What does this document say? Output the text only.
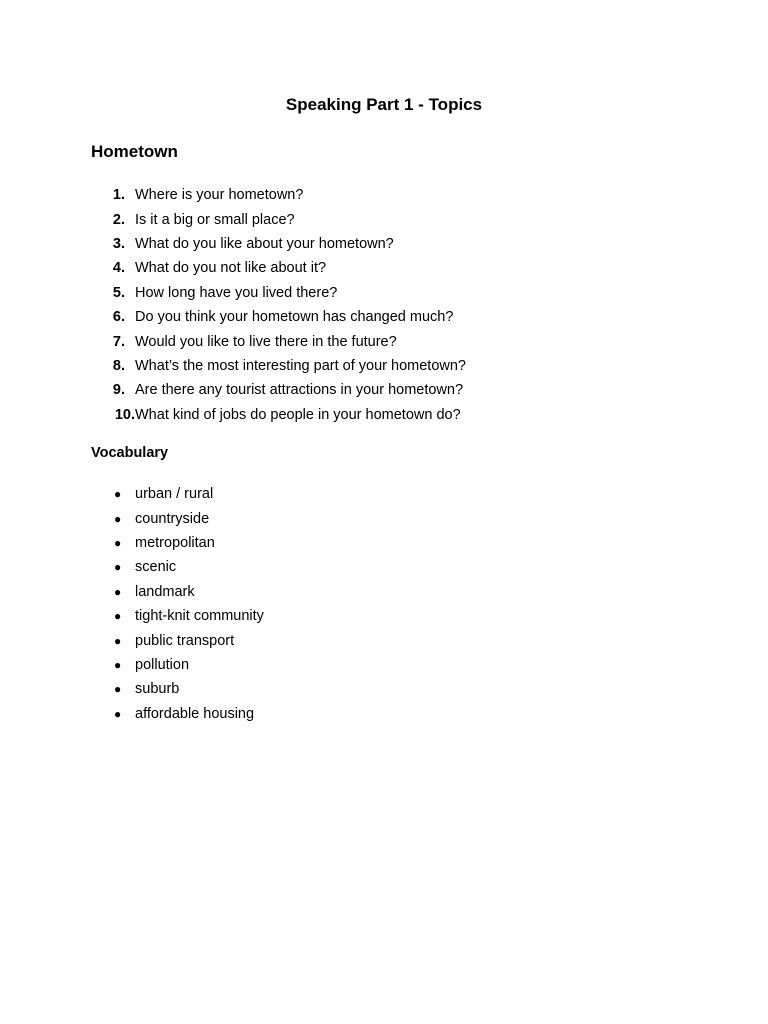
Speaking Part 1 - Topics
Hometown
1. Where is your hometown?
2. Is it a big or small place?
3. What do you like about your hometown?
4. What do you not like about it?
5. How long have you lived there?
6. Do you think your hometown has changed much?
7. Would you like to live there in the future?
8. What’s the most interesting part of your hometown?
9. Are there any tourist attractions in your hometown?
10. What kind of jobs do people in your hometown do?
Vocabulary
● urban / rural
● countryside
● metropolitan
● scenic
● landmark
● tight-knit community
● public transport
● pollution
● suburb
● affordable housing
